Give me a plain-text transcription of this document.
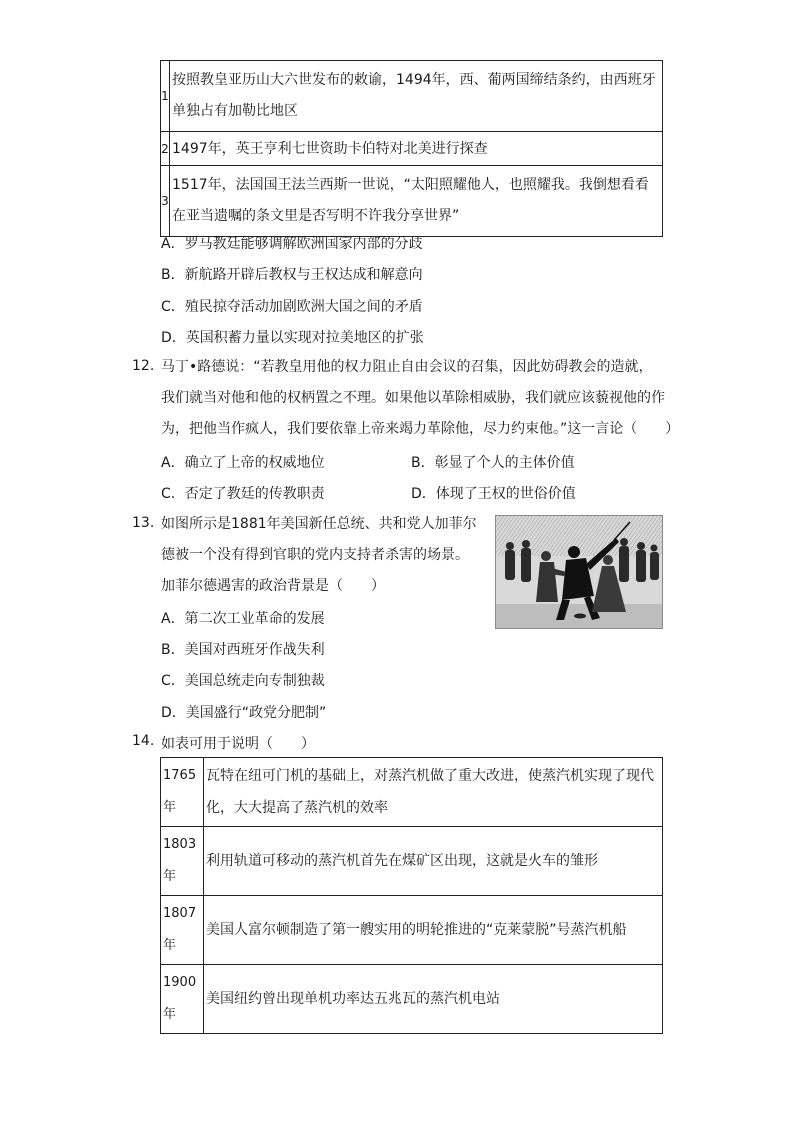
1	按照教皇亚历山大六世发布的敕谕，1494年，西、葡两国缔结条约，由西班牙单独占有加勒比地区
2	1497年，英王亨利七世资助卡伯特对北美进行探查
3	1517年，法国国王法兰西斯一世说，“太阳照耀他人，也照耀我。我倒想看看在亚当遗嘱的条文里是否写明不许我分享世界”
A．罗马教廷能够调解欧洲国家内部的分歧
B．新航路开辟后教权与王权达成和解意向
C．殖民掠夺活动加剧欧洲大国之间的矛盾
D．英国积蓄力量以实现对拉美地区的扩张
12. 马丁•路德说：“若教皇用他的权力阻止自由会议的召集，因此妨碍教会的造就，
我们就当对他和他的权柄置之不理。如果他以革除相威胁，我们就应该藐视他的作
为，把他当作疯人，我们要依靠上帝来竭力革除他，尽力约束他。”这一言论（　　）
A．确立了上帝的权威地位	B．彰显了个人的主体价值
C．否定了教廷的传教职责	D．体现了王权的世俗价值
13. 如图所示是1881年美国新任总统、共和党人加菲尔
德被一个没有得到官职的党内支持者杀害的场景。
加菲尔德遇害的政治背景是（　　）
A．第二次工业革命的发展
B．美国对西班牙作战失利
C．美国总统走向专制独裁
D．美国盛行“政党分肥制”
14. 如表可用于说明（　　）
1765
年	瓦特在纽可门机的基础上，对蒸汽机做了重大改进，使蒸汽机实现了现代化，大大提高了蒸汽机的效率

1803
年	利用轨道可移动的蒸汽机首先在煤矿区出现，这就是火车的雏形

1807
年	美国人富尔顿制造了第一艘实用的明轮推进的“克莱蒙脱”号蒸汽机船

1900
年	美国纽约曾出现单机功率达五兆瓦的蒸汽机电站
